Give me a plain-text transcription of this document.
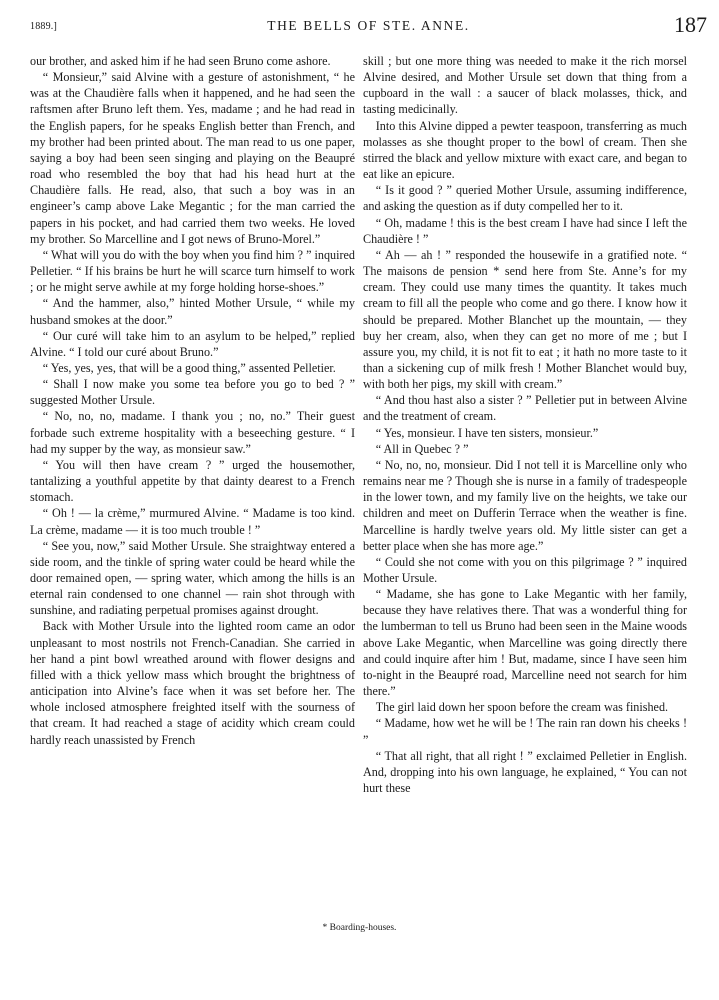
1889.]	THE BELLS OF STE. ANNE.	187

our brother, and asked him if he had seen Bruno come ashore.

“ Monsieur,” said Alvine with a gesture of astonishment, “ he was at the Chaudière falls when it happened, and he had seen the raftsmen after Bruno left them. Yes, madame ; and he had read in the English papers, for he speaks English better than French, and my brother had been printed about. The man read to us one paper, saying a boy had been seen singing and playing on the Beaupré road who resembled the boy that had his head hurt at the Chaudière falls. He read, also, that such a boy was in an engineer’s camp above Lake Megantic ; for the man carried the papers in his pocket, and had carried them two weeks. He loved my brother. So Marcelline and I got news of Bruno-Morel.”

“ What will you do with the boy when you find him ? ” inquired Pelletier. “ If his brains be hurt he will scarce turn himself to work ; or he might serve awhile at my forge holding horse-shoes.”

“ And the hammer, also,” hinted Mother Ursule, “ while my husband smokes at the door.”

“ Our curé will take him to an asylum to be helped,” replied Alvine. “ I told our curé about Bruno.”

“ Yes, yes, yes, that will be a good thing,” assented Pelletier.

“ Shall I now make you some tea before you go to bed ? ” suggested Mother Ursule.

“ No, no, no, madame. I thank you ; no, no.” Their guest forbade such extreme hospitality with a beseeching gesture. “ I had my supper by the way, as monsieur saw.”

“ You will then have cream ? ” urged the housemother, tantalizing a youthful appetite by that dainty dearest to a French stomach.

“ Oh ! — la crème,” murmured Alvine. “ Madame is too kind. La crème, madame — it is too much trouble ! ”

“ See you, now,” said Mother Ursule. She straightway entered a side room, and the tinkle of spring water could be heard while the door remained open, — spring water, which among the hills is an eternal rain condensed to one channel — rain shot through with sunshine, and radiating perpetual promises against drought.

Back with Mother Ursule into the lighted room came an odor unpleasant to most nostrils not French-Canadian. She carried in her hand a pint bowl wreathed around with flower designs and filled with a thick yellow mass which brought the brightness of anticipation into Alvine’s face when it was set before her. The whole inclosed atmosphere freighted itself with the sourness of that cream. It had reached a stage of acidity which cream could hardly reach unassisted by French

skill ; but one more thing was needed to make it the rich morsel Alvine desired, and Mother Ursule set down that thing from a cupboard in the wall : a saucer of black molasses, thick, and tasting medicinally.

Into this Alvine dipped a pewter teaspoon, transferring as much molasses as she thought proper to the bowl of cream. Then she stirred the black and yellow mixture with exact care, and began to eat like an epicure.

“ Is it good ? ” queried Mother Ursule, assuming indifference, and asking the question as if duty compelled her to it.

“ Oh, madame ! this is the best cream I have had since I left the Chaudière ! ”

“ Ah — ah ! ” responded the housewife in a gratified note. “ The maisons de pension * send here from Ste. Anne’s for my cream. They could use many times the quantity. It takes much cream to fill all the people who come and go there. I know how it should be prepared. Mother Blanchet up the mountain, — they buy her cream, also, when they can get no more of me ; but I assure you, my child, it is not fit to eat ; it hath no more taste to it than a sickening cup of milk fresh ! Mother Blanchet would buy, with both her pigs, my skill with cream.”

“ And thou hast also a sister ? ” Pelletier put in between Alvine and the treatment of cream.

“ Yes, monsieur. I have ten sisters, monsieur.”

“ All in Quebec ? ”

“ No, no, no, monsieur. Did I not tell it is Marcelline only who remains near me ? Though she is nurse in a family of tradespeople in the lower town, and my family live on the heights, we take our children and meet on Dufferin Terrace when the weather is fine. Marcelline is hardly twelve years old. My little sister can get a better place when she has more age.”

“ Could she not come with you on this pilgrimage ? ” inquired Mother Ursule.

“ Madame, she has gone to Lake Megantic with her family, because they have relatives there. That was a wonderful thing for the lumberman to tell us Bruno had been seen in the Maine woods above Lake Megantic, when Marcelline was going directly there and could inquire after him ! But, madame, since I have seen him to-night in the Beaupré road, Marcelline need not search for him there.”

The girl laid down her spoon before the cream was finished.

“ Madame, how wet he will be ! The rain ran down his cheeks ! ”

“ That all right, that all right ! ” exclaimed Pelletier in English. And, dropping into his own language, he explained, “ You can not hurt these

* Boarding-houses.
